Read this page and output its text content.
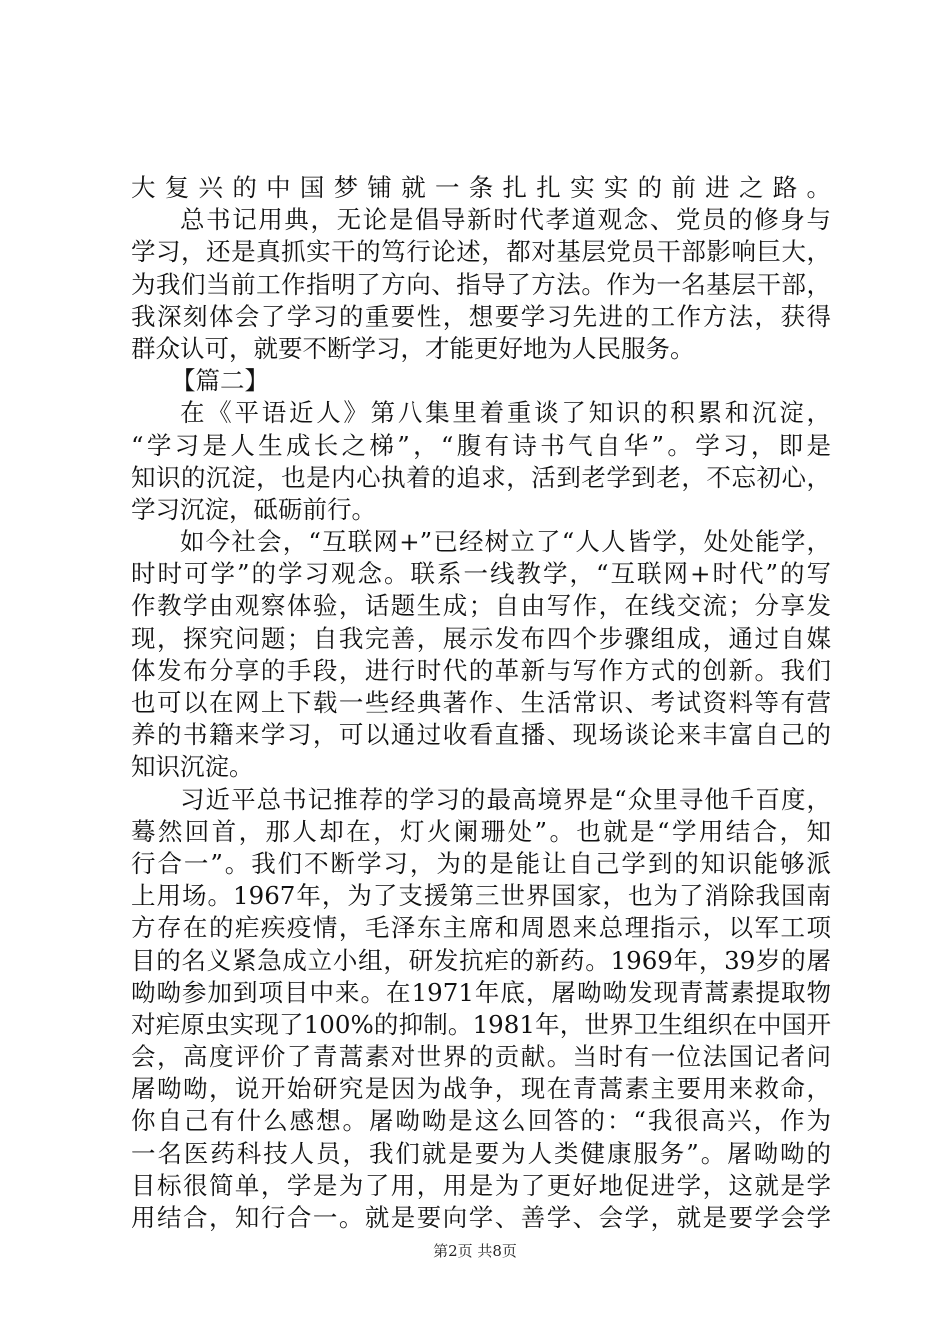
大复兴的中国梦铺就一条扎扎实实的前进之路。
总书记用典，无论是倡导新时代孝道观念、党员的修身与
学习，还是真抓实干的笃行论述，都对基层党员干部影响巨大，
为我们当前工作指明了方向、指导了方法。作为一名基层干部，
我深刻体会了学习的重要性，想要学习先进的工作方法，获得
群众认可，就要不断学习，才能更好地为人民服务。
【篇二】
在《平语近人》第八集里着重谈了知识的积累和沉淀，
“学习是人生成长之梯”，“腹有诗书气自华”。学习，即是
知识的沉淀，也是内心执着的追求，活到老学到老，不忘初心，
学习沉淀，砥砺前行。
如今社会，“互联网+”已经树立了“人人皆学，处处能学，
时时可学”的学习观念。联系一线教学，“互联网+时代”的写
作教学由观察体验，话题生成；自由写作，在线交流；分享发
现，探究问题；自我完善，展示发布四个步骤组成，通过自媒
体发布分享的手段，进行时代的革新与写作方式的创新。我们
也可以在网上下载一些经典著作、生活常识、考试资料等有营
养的书籍来学习，可以通过收看直播、现场谈论来丰富自己的
知识沉淀。
习近平总书记推荐的学习的最高境界是“众里寻他千百度，
蓦然回首，那人却在，灯火阑珊处”。也就是“学用结合，知
行合一”。我们不断学习，为的是能让自己学到的知识能够派
上用场。1967年，为了支援第三世界国家，也为了消除我国南
方存在的疟疾疫情，毛泽东主席和周恩来总理指示，以军工项
目的名义紧急成立小组，研发抗疟的新药。1969年，39岁的屠
呦呦参加到项目中来。在1971年底，屠呦呦发现青蒿素提取物
对疟原虫实现了100%的抑制。1981年，世界卫生组织在中国开
会，高度评价了青蒿素对世界的贡献。当时有一位法国记者问
屠呦呦，说开始研究是因为战争，现在青蒿素主要用来救命，
你自己有什么感想。屠呦呦是这么回答的：“我很高兴，作为
一名医药科技人员，我们就是要为人类健康服务”。屠呦呦的
目标很简单，学是为了用，用是为了更好地促进学，这就是学
用结合，知行合一。就是要向学、善学、会学，就是要学会学
第2页 共8页
